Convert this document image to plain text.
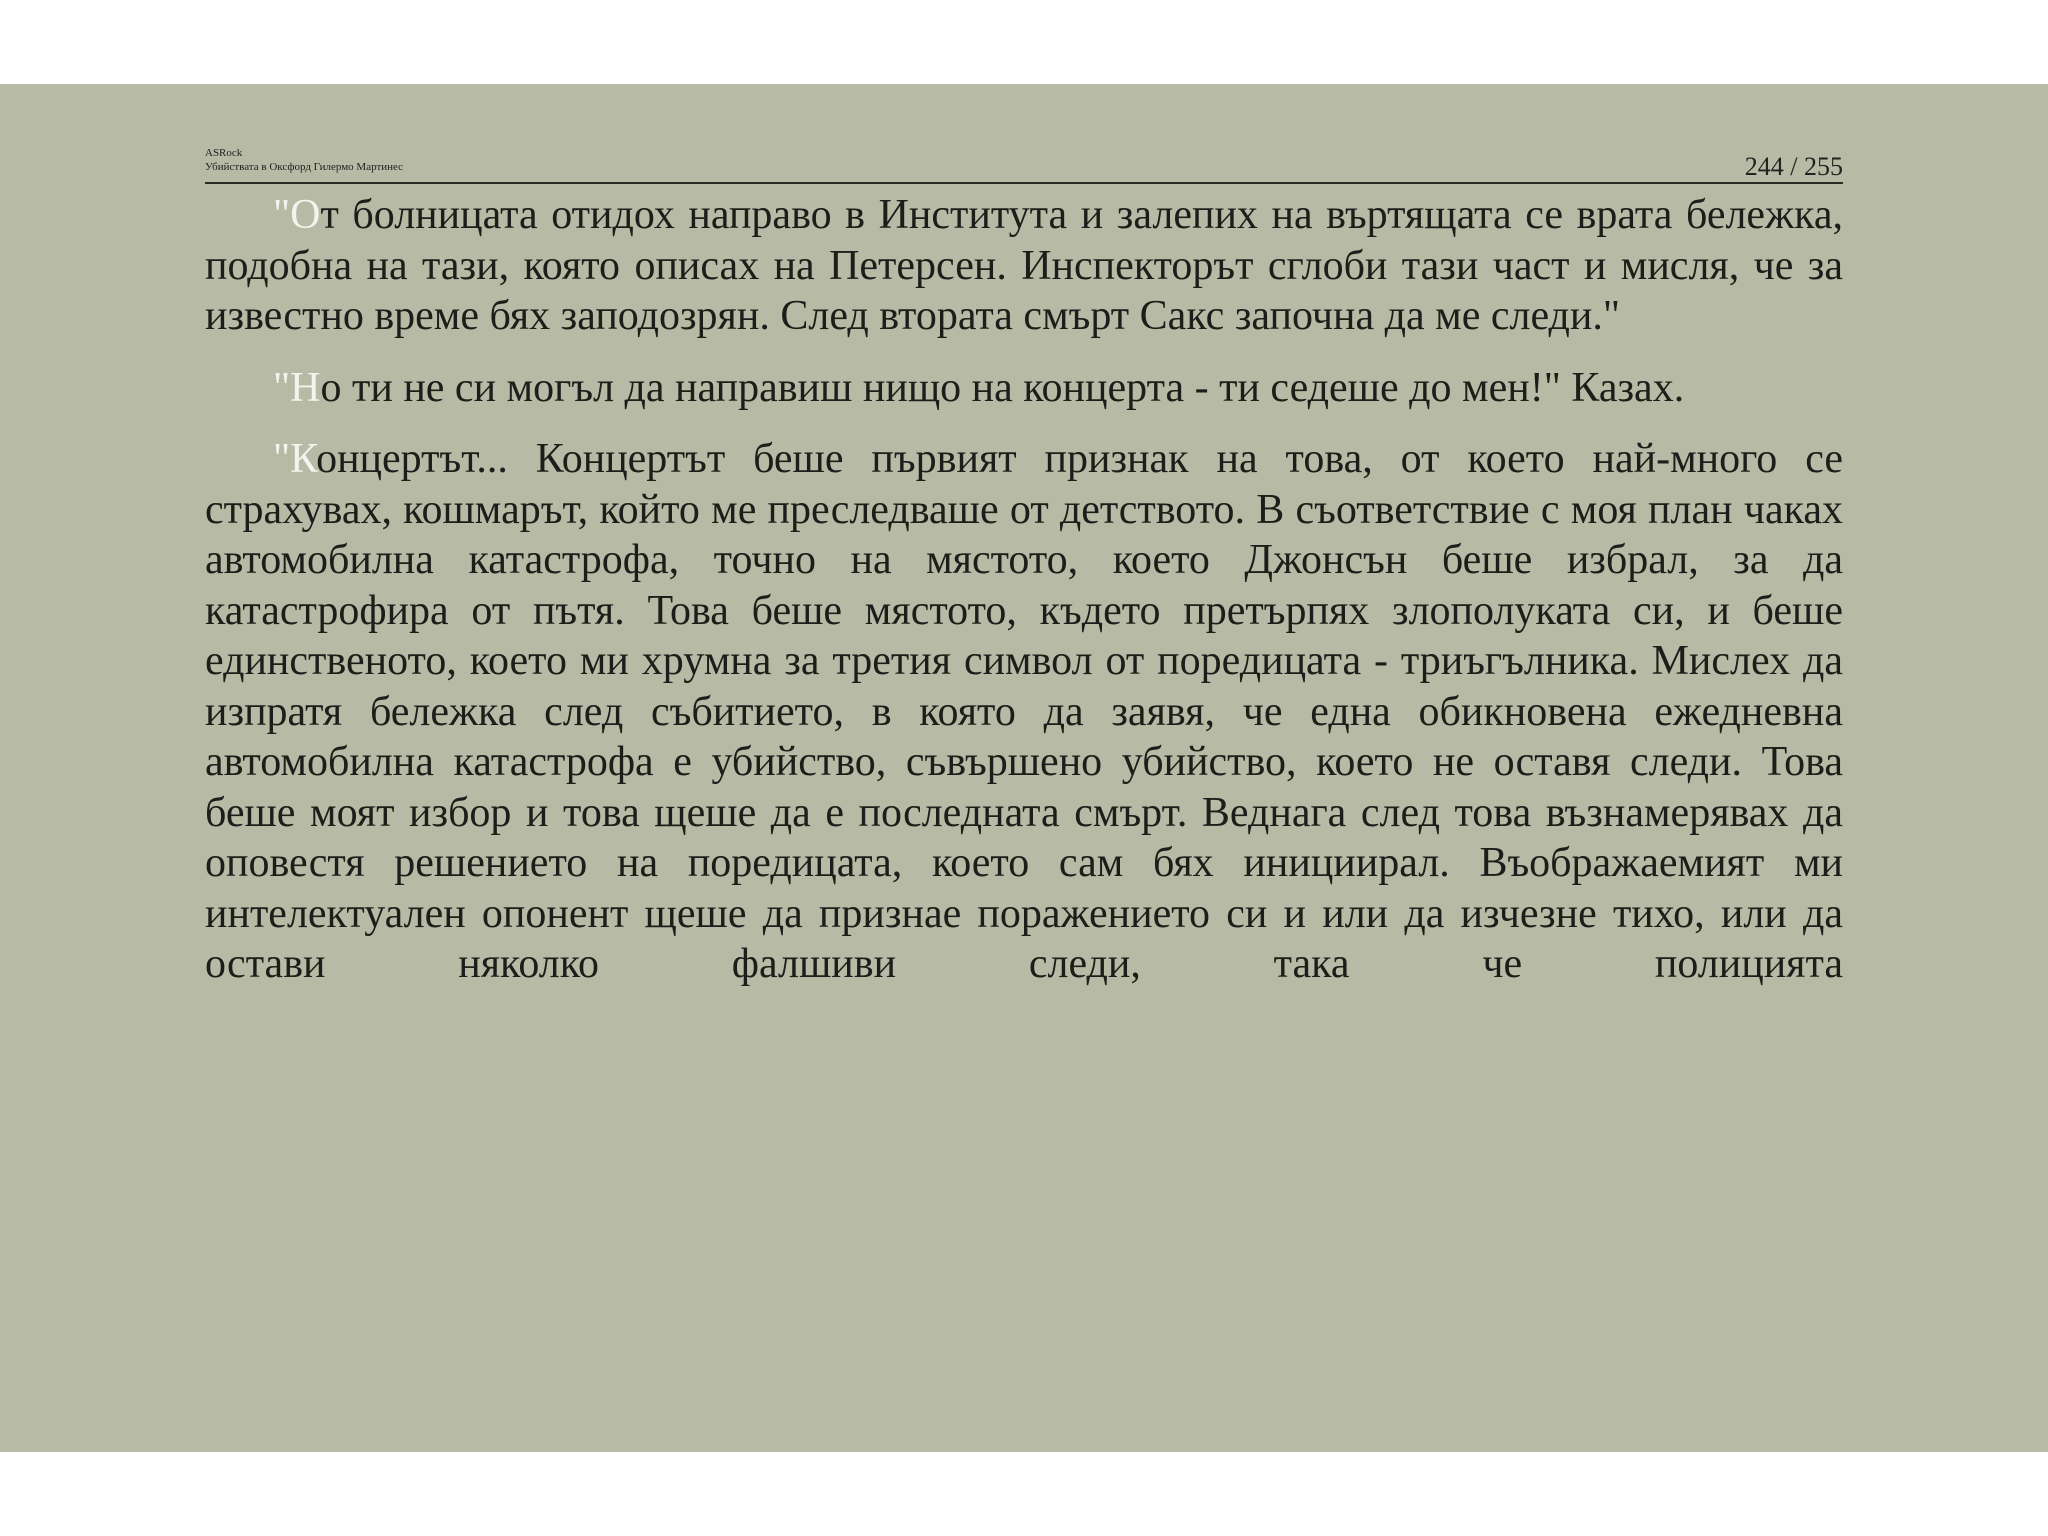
ASRock
Убийствата в Оксфорд Гилермо Мартинес	244 / 255

"От болницата отидох направо в Института и залепих на въртящата се врата бележка, подобна на тази, която описах на Петерсен. Инспекторът сглоби тази част и мисля, че за известно време бях заподозрян. След втората смърт Сакс започна да ме следи."

"Но ти не си могъл да направиш нищо на концерта - ти седеше до мен!" Казах.

"Концертът... Концертът беше първият признак на това, от което най-много се страхувах, кошмарът, който ме преследваше от детството. В съответствие с моя план чаках автомобилна катастрофа, точно на мястото, което Джонсън беше избрал, за да катастрофира от пътя. Това беше мястото, където претърпях злополуката си, и беше единственото, което ми хрумна за третия символ от поредицата - триъгълника. Мислех да изпратя бележка след събитието, в която да заявя, че една обикновена ежедневна автомобилна катастрофа е убийство, съвършено убийство, което не оставя следи. Това беше моят избор и това щеше да е последната смърт. Веднага след това възнамерявах да оповестя решението на поредицата, което сам бях инициирал. Въображаемият ми интелектуален опонент щеше да признае поражението си и или да изчезне тихо, или да остави няколко фалшиви следи, така че полицията
